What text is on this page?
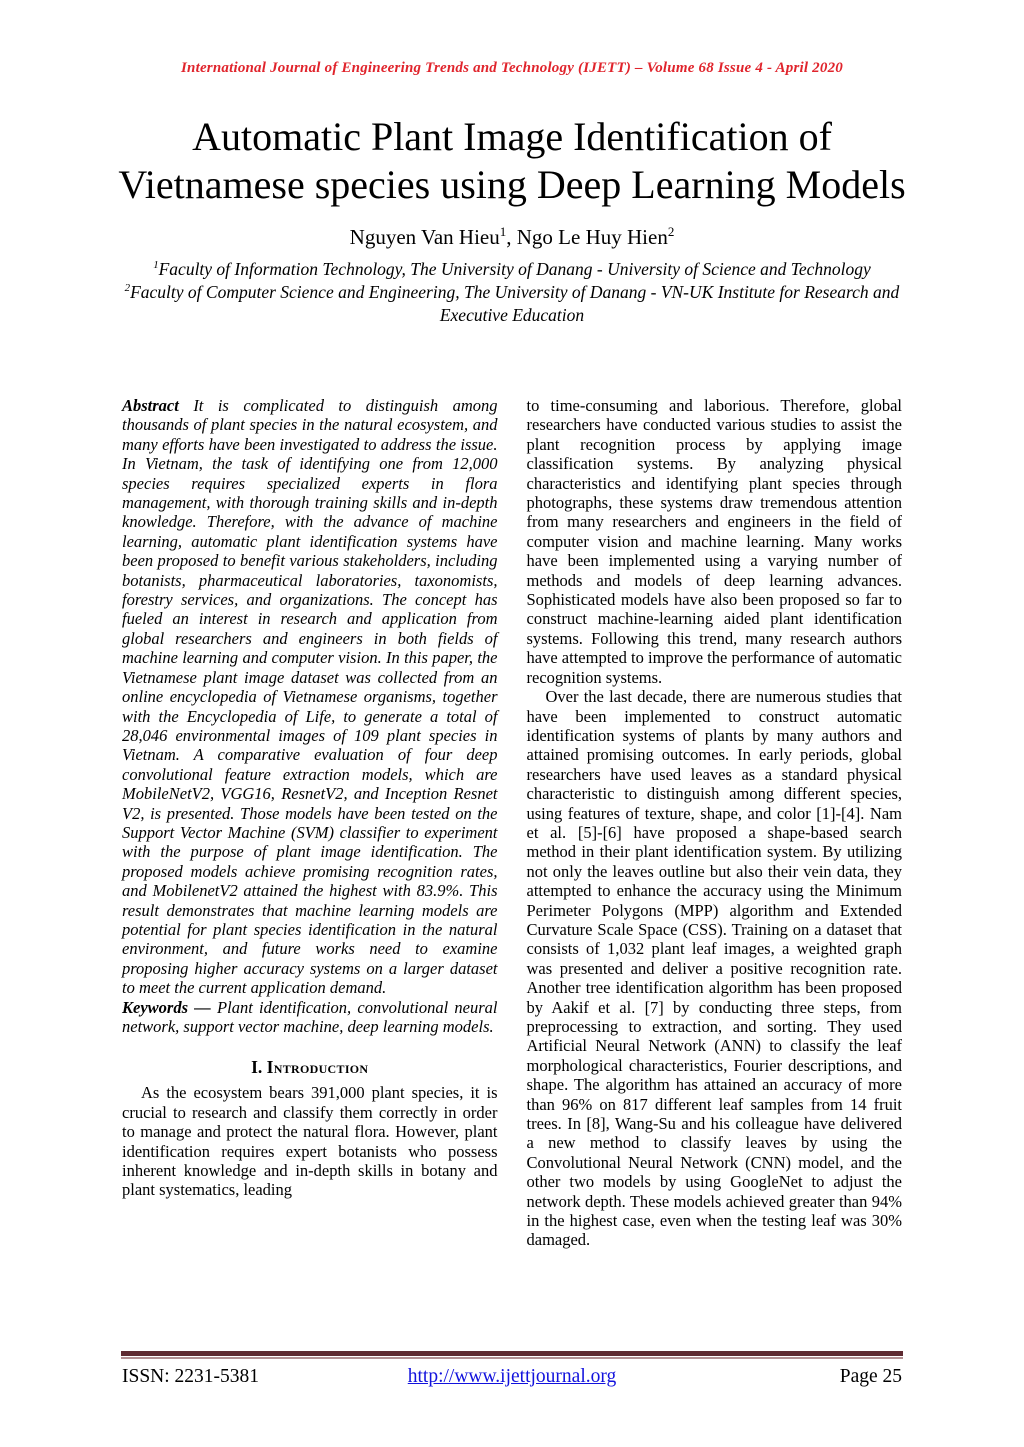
International Journal of Engineering Trends and Technology (IJETT) – Volume 68 Issue 4 - April 2020
Automatic Plant Image Identification of Vietnamese species using Deep Learning Models
Nguyen Van Hieu$^1$, Ngo Le Huy Hien$^2$
$^1$Faculty of Information Technology, The University of Danang - University of Science and Technology
$^2$Faculty of Computer Science and Engineering, The University of Danang - VN-UK Institute for Research and Executive Education

Abstract It is complicated to distinguish among thousands of plant species in the natural ecosystem, and many efforts have been investigated to address the issue. In Vietnam, the task of identifying one from 12,000 species requires specialized experts in flora management, with thorough training skills and in-depth knowledge. Therefore, with the advance of machine learning, automatic plant identification systems have been proposed to benefit various stakeholders, including botanists, pharmaceutical laboratories, taxonomists, forestry services, and organizations. The concept has fueled an interest in research and application from global researchers and engineers in both fields of machine learning and computer vision. In this paper, the Vietnamese plant image dataset was collected from an online encyclopedia of Vietnamese organisms, together with the Encyclopedia of Life, to generate a total of 28,046 environmental images of 109 plant species in Vietnam. A comparative evaluation of four deep convolutional feature extraction models, which are MobileNetV2, VGG16, ResnetV2, and Inception Resnet V2, is presented. Those models have been tested on the Support Vector Machine (SVM) classifier to experiment with the purpose of plant image identification. The proposed models achieve promising recognition rates, and MobilenetV2 attained the highest with 83.9%. This result demonstrates that machine learning models are potential for plant species identification in the natural environment, and future works need to examine proposing higher accuracy systems on a larger dataset to meet the current application demand.

Keywords — Plant identification, convolutional neural network, support vector machine, deep learning models.

I. Introduction

As the ecosystem bears 391,000 plant species, it is crucial to research and classify them correctly in order to manage and protect the natural flora. However, plant identification requires expert botanists who possess inherent knowledge and in-depth skills in botany and plant systematics, leading

to time-consuming and laborious. Therefore, global researchers have conducted various studies to assist the plant recognition process by applying image classification systems. By analyzing physical characteristics and identifying plant species through photographs, these systems draw tremendous attention from many researchers and engineers in the field of computer vision and machine learning. Many works have been implemented using a varying number of methods and models of deep learning advances. Sophisticated models have also been proposed so far to construct machine-learning aided plant identification systems. Following this trend, many research authors have attempted to improve the performance of automatic recognition systems.

Over the last decade, there are numerous studies that have been implemented to construct automatic identification systems of plants by many authors and attained promising outcomes. In early periods, global researchers have used leaves as a standard physical characteristic to distinguish among different species, using features of texture, shape, and color [1]-[4]. Nam et al. [5]-[6] have proposed a shape-based search method in their plant identification system. By utilizing not only the leaves outline but also their vein data, they attempted to enhance the accuracy using the Minimum Perimeter Polygons (MPP) algorithm and Extended Curvature Scale Space (CSS). Training on a dataset that consists of 1,032 plant leaf images, a weighted graph was presented and deliver a positive recognition rate. Another tree identification algorithm has been proposed by Aakif et al. [7] by conducting three steps, from preprocessing to extraction, and sorting. They used Artificial Neural Network (ANN) to classify the leaf morphological characteristics, Fourier descriptions, and shape. The algorithm has attained an accuracy of more than 96% on 817 different leaf samples from 14 fruit trees. In [8], Wang-Su and his colleague have delivered a new method to classify leaves by using the Convolutional Neural Network (CNN) model, and the other two models by using GoogleNet to adjust the network depth. These models achieved greater than 94% in the highest case, even when the testing leaf was 30% damaged.

ISSN: 2231-5381	http://www.ijettjournal.org	Page 25
